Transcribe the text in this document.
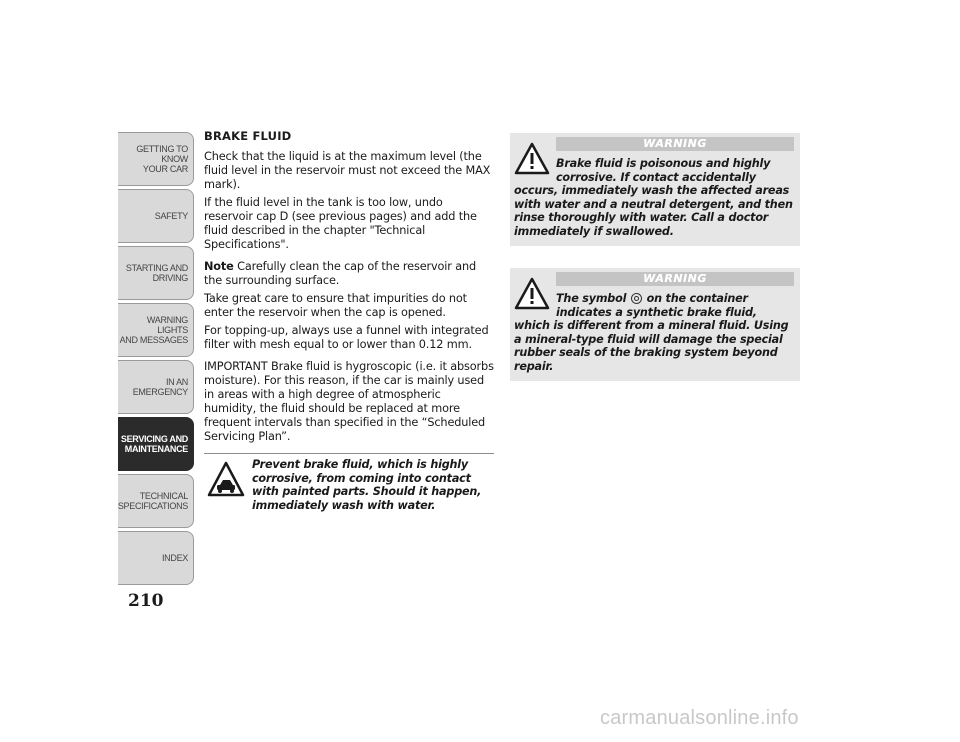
GETTING TO KNOW
YOUR CAR
SAFETY
STARTING AND
DRIVING
WARNING LIGHTS
AND MESSAGES
IN AN EMERGENCY
SERVICING AND
MAINTENANCE
TECHNICAL
SPECIFICATIONS
INDEX
210
BRAKE FLUID

Check that the liquid is at the maximum level (the fluid level in the reservoir must not exceed the MAX mark).

If the fluid level in the tank is too low, undo reservoir cap D (see previous pages) and add the fluid described in the chapter "Technical Specifications".

Note Carefully clean the cap of the reservoir and the surrounding surface.

Take great care to ensure that impurities do not enter the reservoir when the cap is opened.

For topping-up, always use a funnel with integrated filter with mesh equal to or lower than 0.12 mm.

IMPORTANT Brake fluid is hygroscopic (i.e. it absorbs moisture). For this reason, if the car is mainly used in areas with a high degree of atmospheric humidity, the fluid should be replaced at more frequent intervals than specified in the “Scheduled Servicing Plan”.

Prevent brake fluid, which is highly corrosive, from coming into contact with painted parts. Should it happen, immediately wash with water.
WARNING
Brake fluid is poisonous and highly corrosive. If contact accidentally occurs, immediately wash the affected areas with water and a neutral detergent, and then rinse thoroughly with water. Call a doctor immediately if swallowed.
WARNING
The symbol  on the container indicates a synthetic brake fluid, which is different from a mineral fluid. Using a mineral-type fluid will damage the special rubber seals of the braking system beyond repair.
carmanualsonline.info
